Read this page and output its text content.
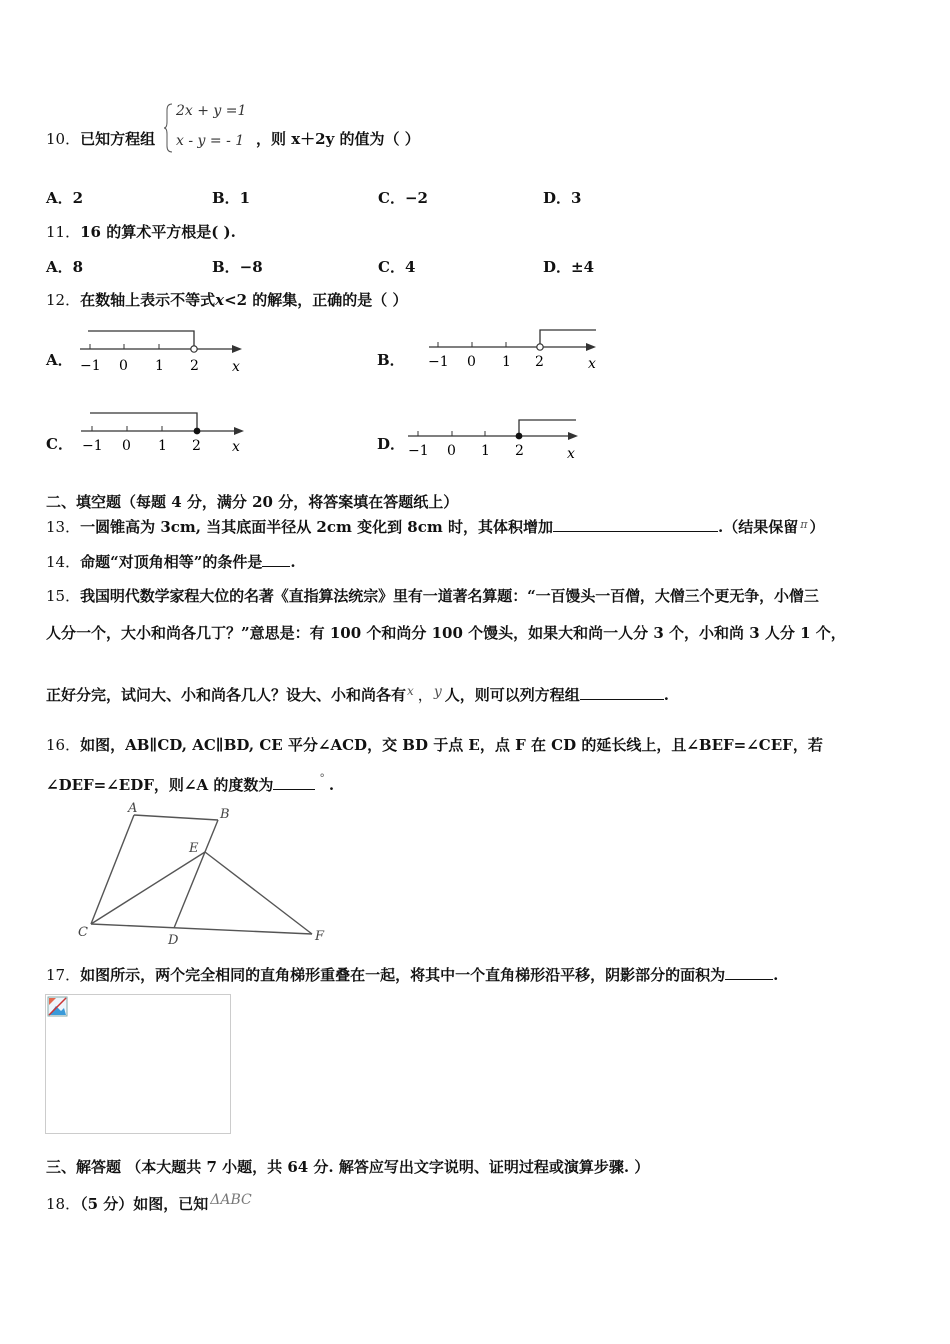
10．已知方程组
2x + y =1
x - y = - 1 ，则 x＋2y 的值为（ ）
A．2	B．1	C．−2	D．3
11．16 的算术平方根是( ).
A．8	B．−8	C．4	D．±4
12．在数轴上表示不等式x<2 的解集，正确的是（ ）
A．	B．
C．	D．
−1 0 1 2 x	−1 0 1 2	x
−1 0 1 2 x	−1 0 1 2	x
二、填空题（每题 4 分，满分 20 分，将答案填在答题纸上）
13．一圆锥高为 3cm, 当其底面半径从 2cm 变化到 8cm 时，其体积增加	.（结果保留 $^\pi$ ）
14．命题“对顶角相等”的条件是 .
15．我国明代数学家程大位的名著《直指算法统宗》里有一道著名算题：“一百馒头一百僧，大僧三个更无争，小僧三
人分一个，大小和尚各几丁？”意思是：有 100 个和尚分 100 个馒头，如果大和尚一人分 3 个，小和尚 3 人分 1 个，
正好分完，试问大、小和尚各几人？设大、小和尚各有$^x$ ，y 人，则可以列方程组	.
16．如图，AB∥CD, AC∥BD, CE 平分∠ACD，交 BD 于点 E，点 F 在 CD 的延长线上，且∠BEF=∠CEF，若
∠DEF=∠EDF，则∠A 的度数为	° .
A	B
E
C
D	F
17．如图所示，两个完全相同的直角梯形重叠在一起，将其中一个直角梯形沿平移，阴影部分的面积为	.
三、解答题 （本大题共 7 小题，共 64 分. 解答应写出文字说明、证明过程或演算步骤. ）
18．（5 分）如图，已知 ΔABC
